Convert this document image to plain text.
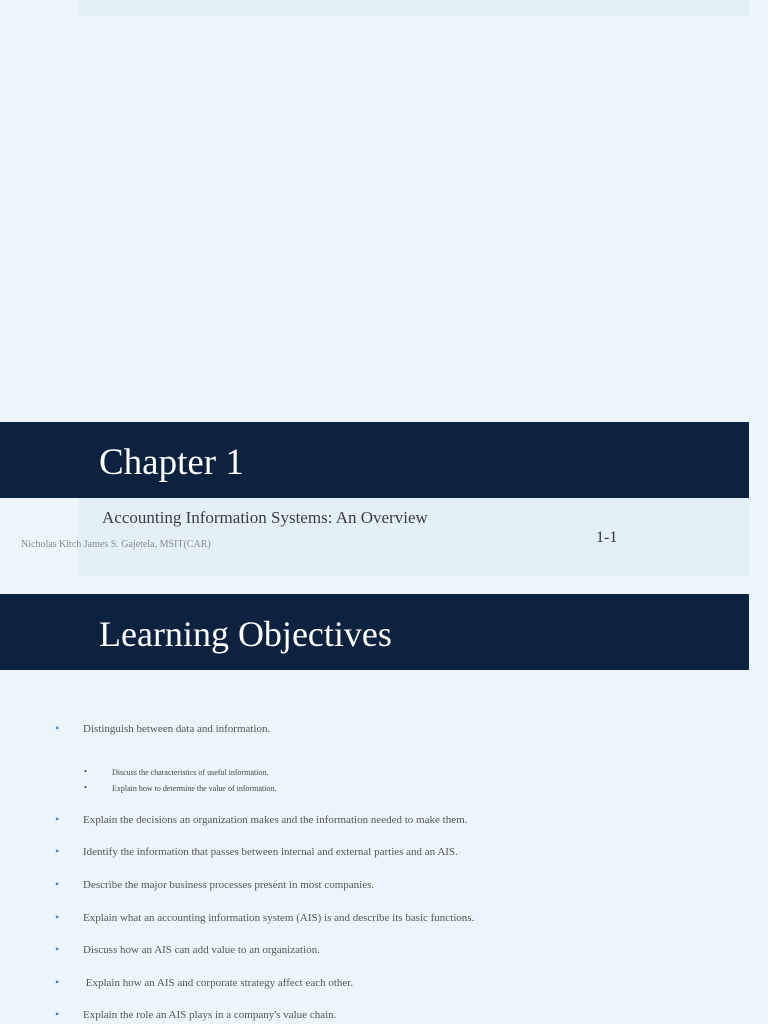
Chapter 1
Accounting Information Systems: An Overview
Nicholas Kitch James S. Gajetela, MSIT(CAR)	1-1
Learning Objectives
• Distinguish between data and information.
•	Discuss the characteristics of useful information.
•	Explain how to determine the value of information.
• Explain the decisions an organization makes and the information needed to make them.
• Identify the information that passes between internal and external parties and an AIS.
• Describe the major business processes present in most companies.
• Explain what an accounting information system (AIS) is and describe its basic functions.
• Discuss how an AIS can add value to an organization.
• Explain how an AIS and corporate strategy affect each other.
• Explain the role an AIS plays in a company's value chain.
